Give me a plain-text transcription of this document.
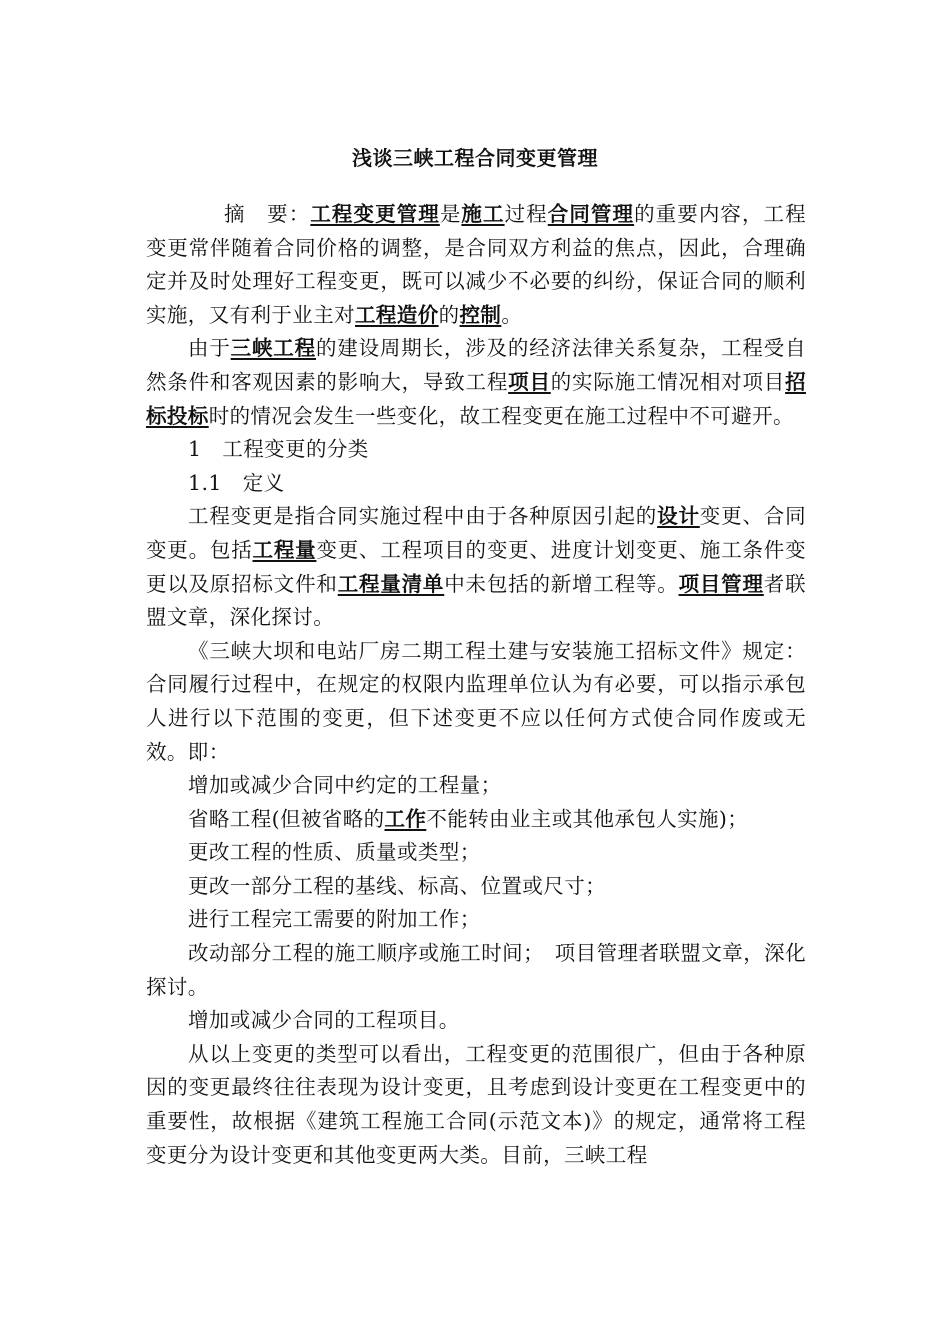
浅谈三峡工程合同变更管理

摘　要：工程变更管理是施工过程合同管理的重要内容，工程变更常伴随着合同价格的调整，是合同双方利益的焦点，因此，合理确定并及时处理好工程变更，既可以减少不必要的纠纷，保证合同的顺利实施，又有利于业主对工程造价的控制。

由于三峡工程的建设周期长，涉及的经济法律关系复杂，工程受自然条件和客观因素的影响大，导致工程项目的实际施工情况相对项目招标投标时的情况会发生一些变化，故工程变更在施工过程中不可避开。

1　工程变更的分类

1.1　定义

工程变更是指合同实施过程中由于各种原因引起的设计变更、合同变更。包括工程量变更、工程项目的变更、进度计划变更、施工条件变更以及原招标文件和工程量清单中未包括的新增工程等。项目管理者联盟文章，深化探讨。

《三峡大坝和电站厂房二期工程土建与安装施工招标文件》规定：合同履行过程中，在规定的权限内监理单位认为有必要，可以指示承包人进行以下范围的变更，但下述变更不应以任何方式使合同作废或无效。即：

增加或减少合同中约定的工程量；

省略工程(但被省略的工作不能转由业主或其他承包人实施)；

更改工程的性质、质量或类型；

更改一部分工程的基线、标高、位置或尺寸；

进行工程完工需要的附加工作；

改动部分工程的施工顺序或施工时间；　项目管理者联盟文章，深化探讨。

增加或减少合同的工程项目。

从以上变更的类型可以看出，工程变更的范围很广，但由于各种原因的变更最终往往表现为设计变更，且考虑到设计变更在工程变更中的重要性，故根据《建筑工程施工合同(示范文本)》的规定，通常将工程变更分为设计变更和其他变更两大类。目前，三峡工程
